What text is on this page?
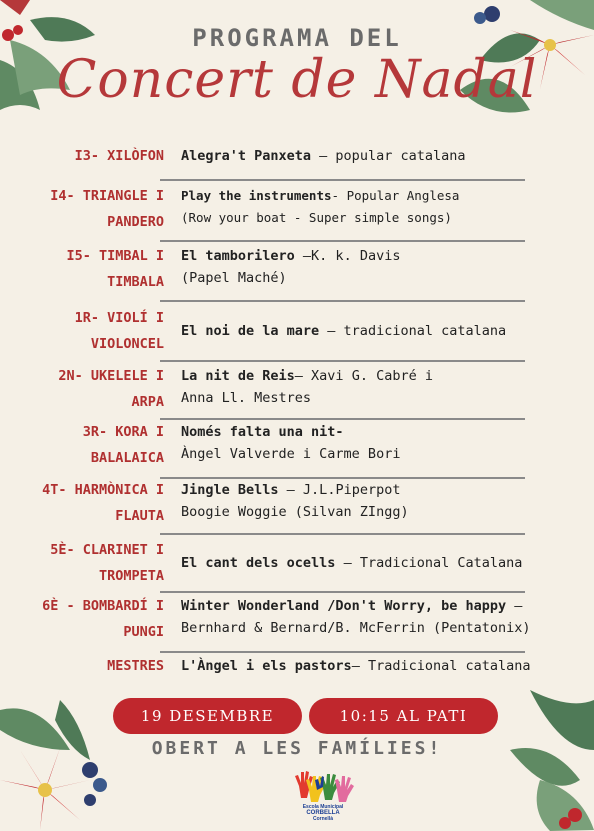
PROGRAMA DEL
Concert de Nadal
I3- XILÒFON Alegra't Panxeta – popular catalana
I4- TRIANGLE I
PANDERO
Play the instruments- Popular Anglesa
(Row your boat - Super simple songs)
I5- TIMBAL I
TIMBALA
El tamborilero –K. k. Davis
(Papel Maché)
1R- VIOLÍ I
VIOLONCEL
El noi de la mare – tradicional catalana
2N- UKELELE I
ARPA
La nit de Reis– Xavi G. Cabré i
Anna Ll. Mestres
3R- KORA I
BALALAICA
Només falta una nit-
Àngel Valverde i Carme Bori
4T- HARMÒNICA I
FLAUTA
Jingle Bells – J.L.Piperpot
Boogie Woggie (Silvan ZIngg)
5È- CLARINET I
TROMPETA
El cant dels ocells – Tradicional Catalana
6È - BOMBARDÍ I
PUNGI
Winter Wonderland /Don't Worry, be happy –
Bernhard & Bernard/B. McFerrin (Pentatonix)
MESTRES L'Àngel i els pastors– Tradicional catalana
19 DESEMBRE	10:15 AL PATI
OBERT A LES FAMÍLIES!
Escola Municipal
CORBELLA
Cornellà
